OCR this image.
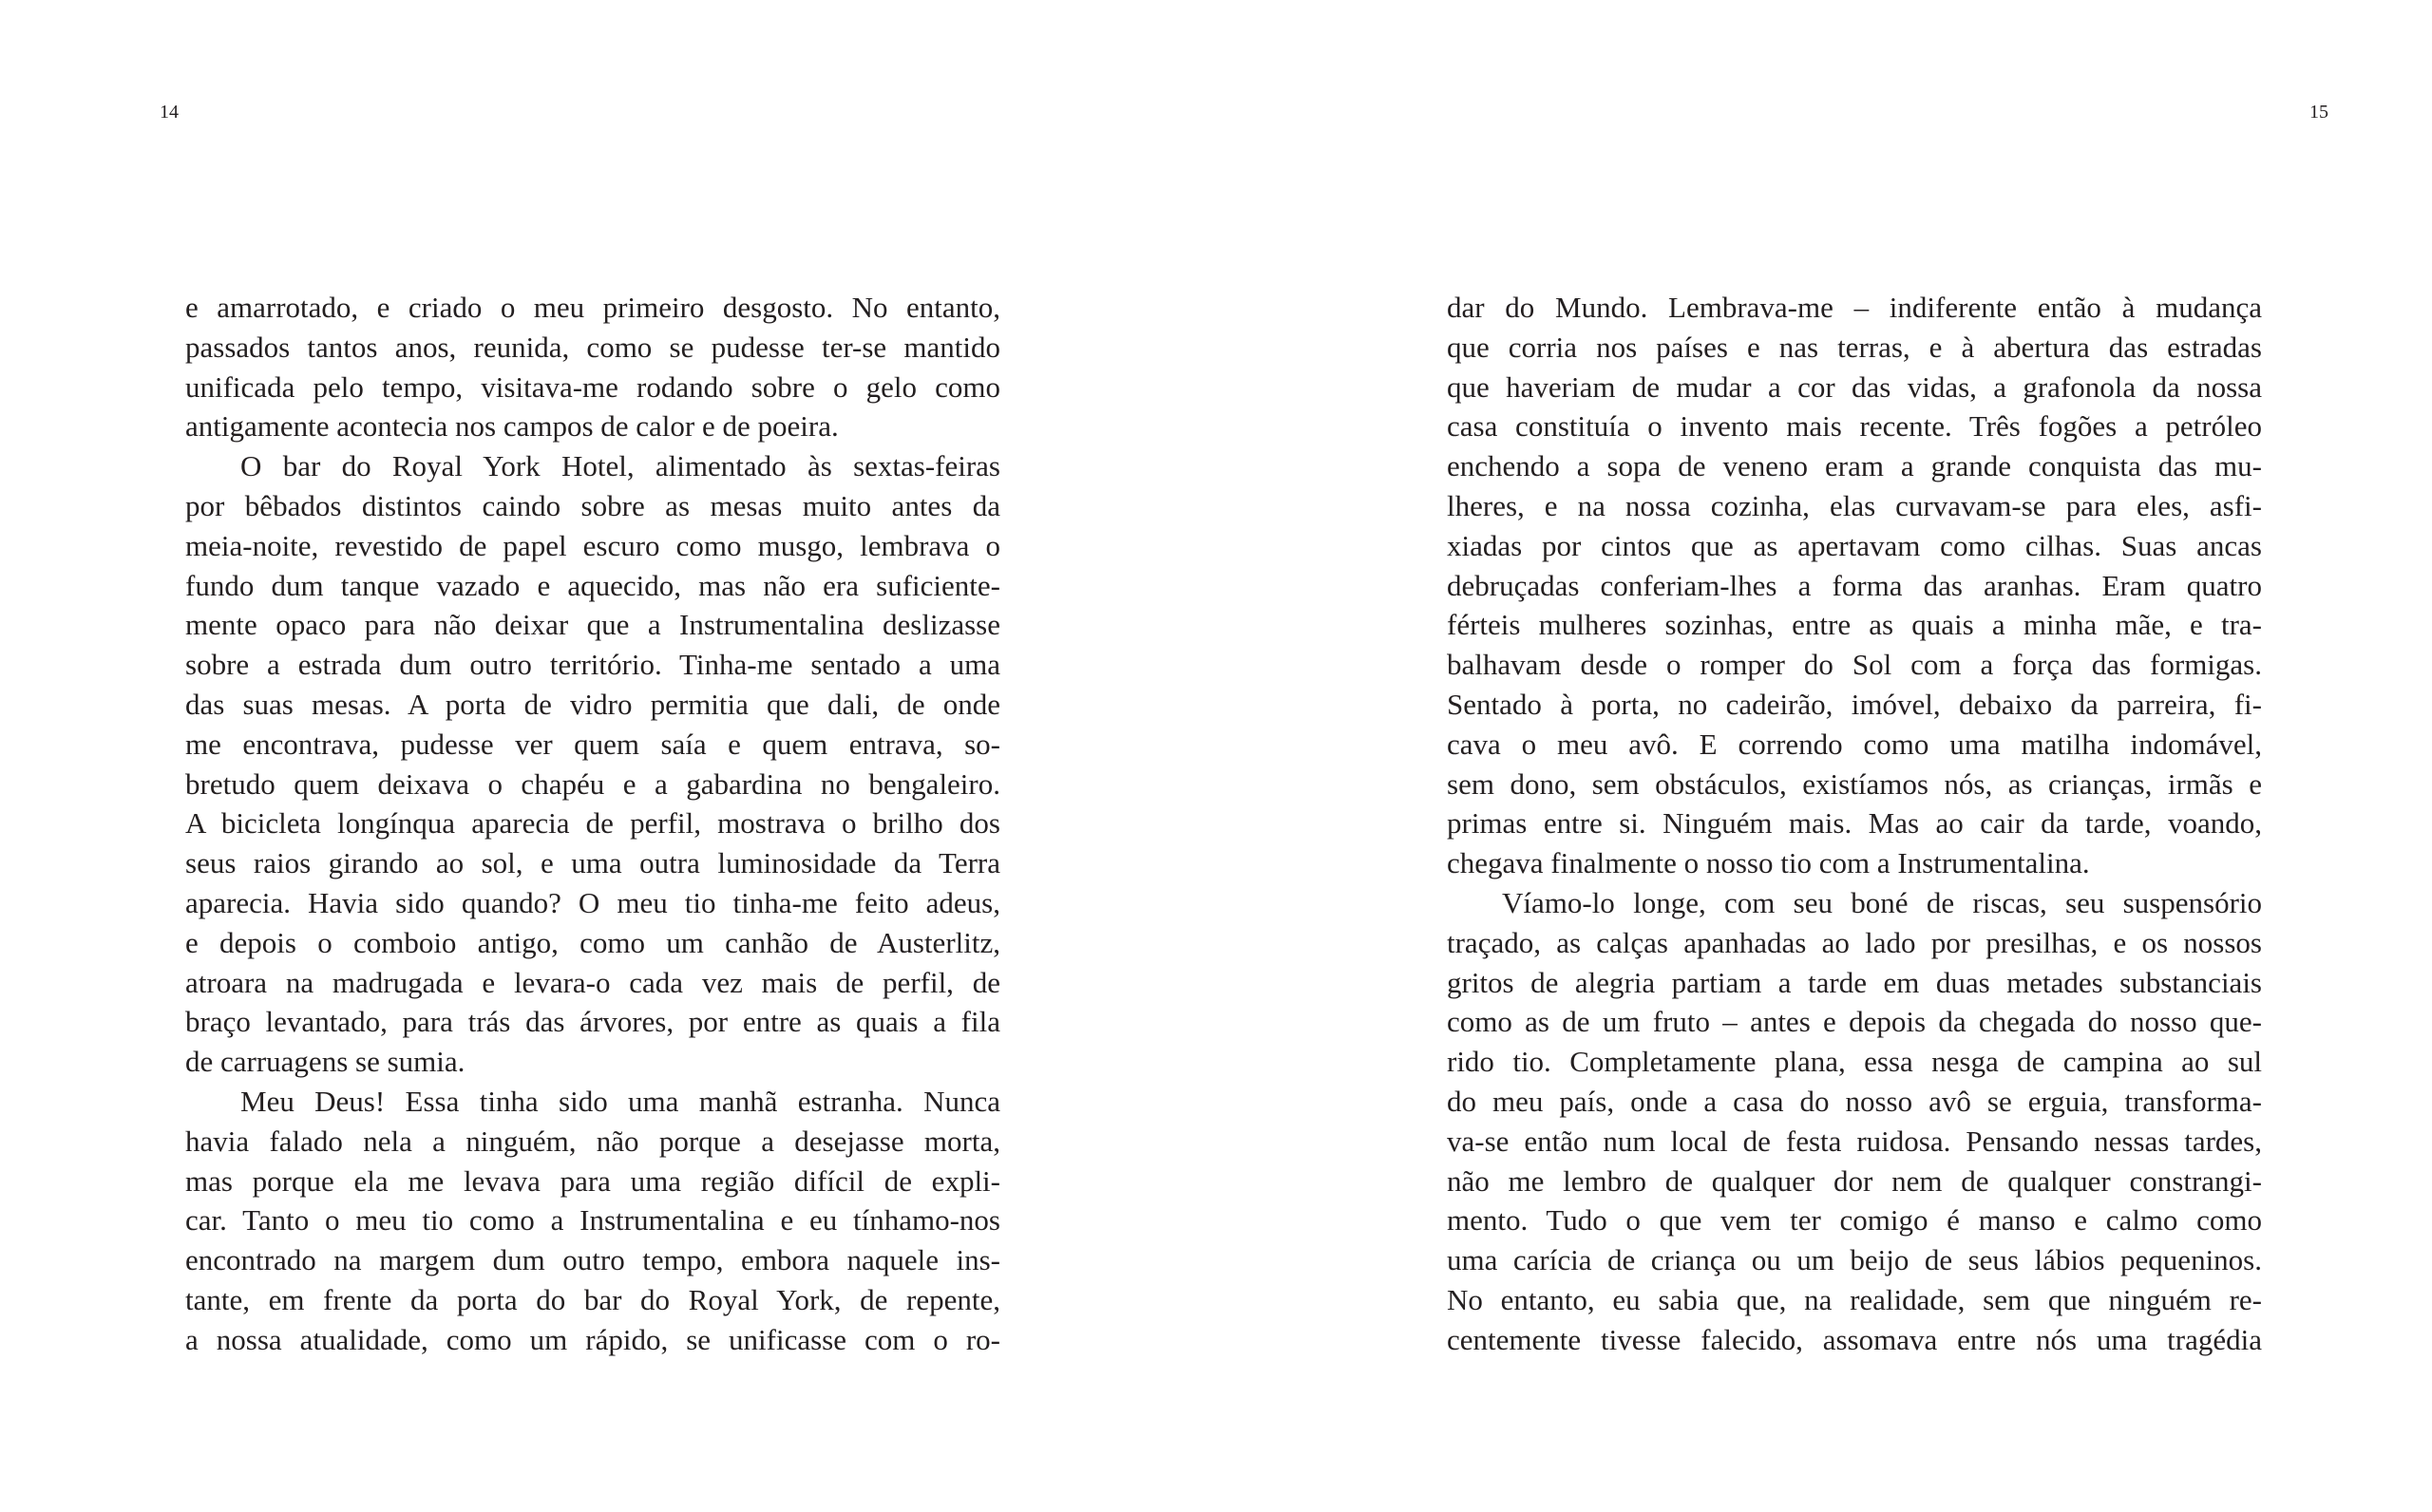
14
e amarrotado, e criado o meu primeiro desgosto. No entanto,
passados tantos anos, reunida, como se pudesse ter-se mantido
unificada pelo tempo, visitava-me rodando sobre o gelo como
antigamente acontecia nos campos de calor e de poeira.
O bar do Royal York Hotel, alimentado às sextas-feiras
por bêbados distintos caindo sobre as mesas muito antes da
meia-noite, revestido de papel escuro como musgo, lembrava o
fundo dum tanque vazado e aquecido, mas não era suficiente-
mente opaco para não deixar que a Instrumentalina deslizasse
sobre a estrada dum outro território. Tinha-me sentado a uma
das suas mesas. A porta de vidro permitia que dali, de onde
me encontrava, pudesse ver quem saía e quem entrava, so-
bretudo quem deixava o chapéu e a gabardina no bengaleiro.
A bicicleta longínqua aparecia de perfil, mostrava o brilho dos
seus raios girando ao sol, e uma outra luminosidade da Terra
aparecia. Havia sido quando? O meu tio tinha-me feito adeus,
e depois o comboio antigo, como um canhão de Austerlitz,
atroara na madrugada e levara-o cada vez mais de perfil, de
braço levantado, para trás das árvores, por entre as quais a fila
de carruagens se sumia.
Meu Deus! Essa tinha sido uma manhã estranha. Nunca
havia falado nela a ninguém, não porque a desejasse morta,
mas porque ela me levava para uma região difícil de expli-
car. Tanto o meu tio como a Instrumentalina e eu tínhamo-nos
encontrado na margem dum outro tempo, embora naquele ins-
tante, em frente da porta do bar do Royal York, de repente,
a nossa atualidade, como um rápido, se unificasse com o ro-
15
dar do Mundo. Lembrava-me – indiferente então à mudança
que corria nos países e nas terras, e à abertura das estradas
que haveriam de mudar a cor das vidas, a grafonola da nossa
casa constituía o invento mais recente. Três fogões a petróleo
enchendo a sopa de veneno eram a grande conquista das mu-
lheres, e na nossa cozinha, elas curvavam-se para eles, asfi-
xiadas por cintos que as apertavam como cilhas. Suas ancas
debruçadas conferiam-lhes a forma das aranhas. Eram quatro
férteis mulheres sozinhas, entre as quais a minha mãe, e tra-
balhavam desde o romper do Sol com a força das formigas.
Sentado à porta, no cadeirão, imóvel, debaixo da parreira, fi-
cava o meu avô. E correndo como uma matilha indomável,
sem dono, sem obstáculos, existíamos nós, as crianças, irmãs e
primas entre si. Ninguém mais. Mas ao cair da tarde, voando,
chegava finalmente o nosso tio com a Instrumentalina.
Víamo-lo longe, com seu boné de riscas, seu suspensório
traçado, as calças apanhadas ao lado por presilhas, e os nossos
gritos de alegria partiam a tarde em duas metades substanciais
como as de um fruto – antes e depois da chegada do nosso que-
rido tio. Completamente plana, essa nesga de campina ao sul
do meu país, onde a casa do nosso avô se erguia, transforma-
va-se então num local de festa ruidosa. Pensando nessas tardes,
não me lembro de qualquer dor nem de qualquer constrangi-
mento. Tudo o que vem ter comigo é manso e calmo como
uma carícia de criança ou um beijo de seus lábios pequeninos.
No entanto, eu sabia que, na realidade, sem que ninguém re-
centemente tivesse falecido, assomava entre nós uma tragédia
